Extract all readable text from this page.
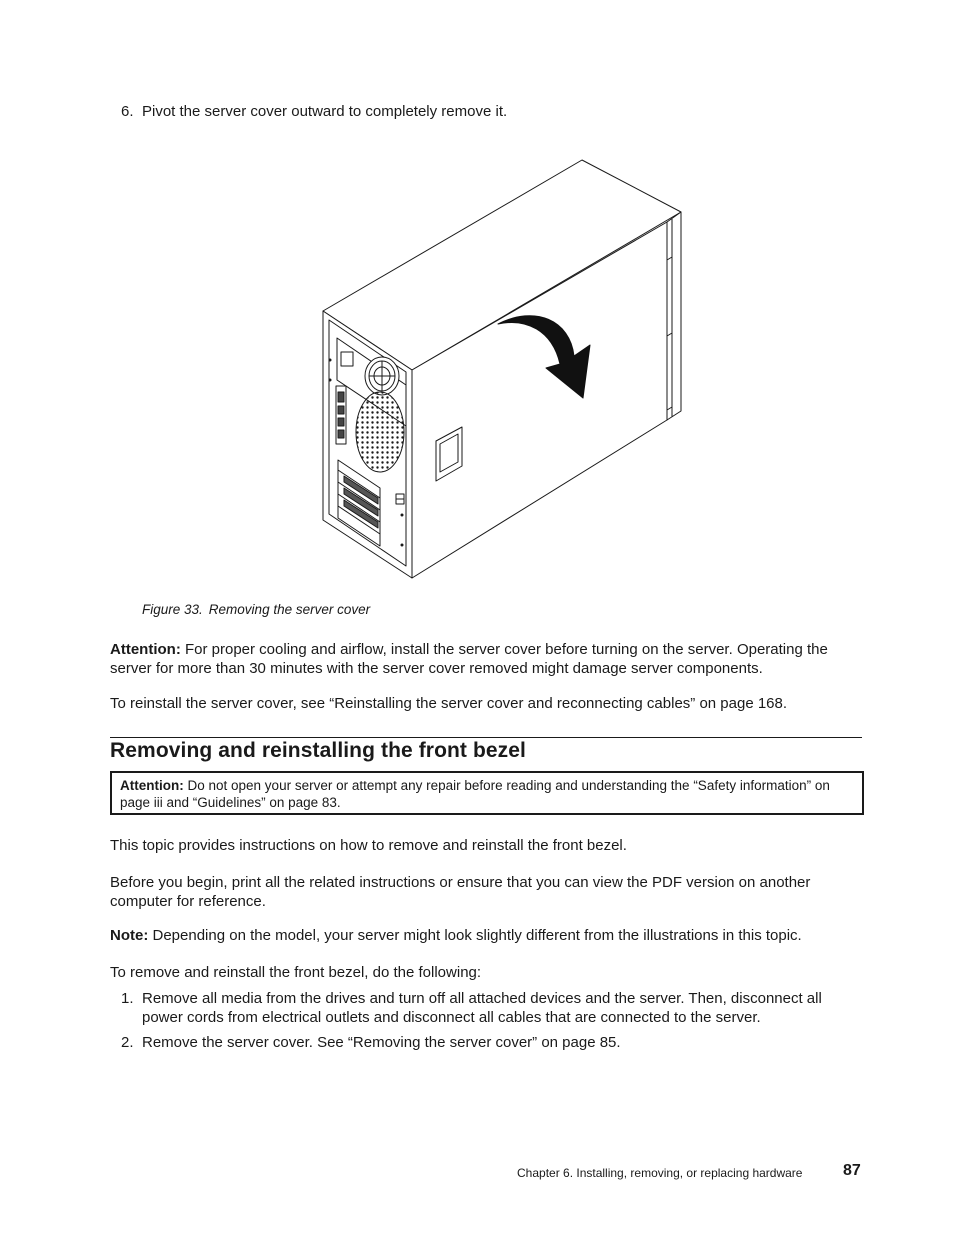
6. Pivot the server cover outward to completely remove it.
Figure 33. Removing the server cover
Attention: For proper cooling and airflow, install the server cover before turning on the server. Operating the server for more than 30 minutes with the server cover removed might damage server components.
To reinstall the server cover, see “Reinstalling the server cover and reconnecting cables” on page 168.
Removing and reinstalling the front bezel
Attention: Do not open your server or attempt any repair before reading and understanding the “Safety information” on page iii and “Guidelines” on page 83.
This topic provides instructions on how to remove and reinstall the front bezel.
Before you begin, print all the related instructions or ensure that you can view the PDF version on another computer for reference.
Note: Depending on the model, your server might look slightly different from the illustrations in this topic.
To remove and reinstall the front bezel, do the following:
1. Remove all media from the drives and turn off all attached devices and the server. Then, disconnect all power cords from electrical outlets and disconnect all cables that are connected to the server.
2. Remove the server cover. See “Removing the server cover” on page 85.
Chapter 6. Installing, removing, or replacing hardware	87
